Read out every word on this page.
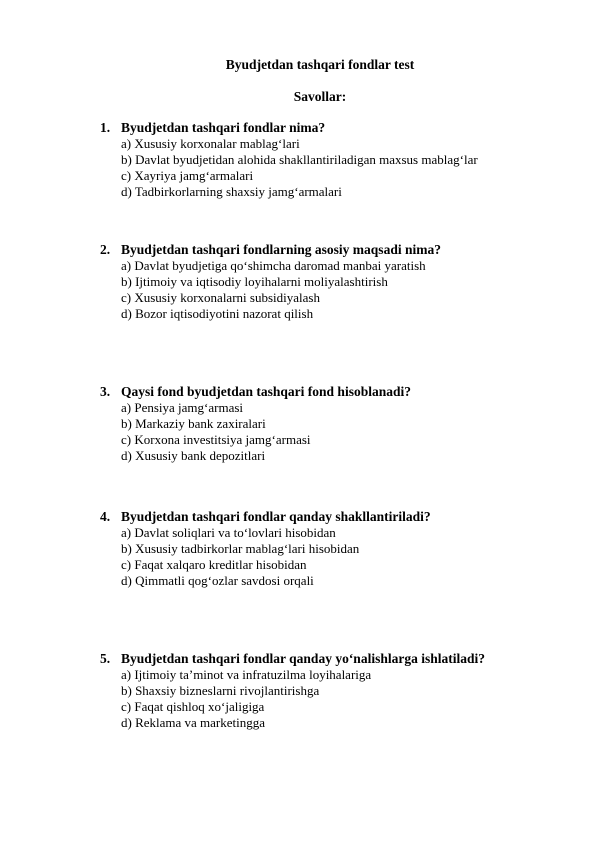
Byudjetdan tashqari fondlar test
Savollar:
1. Byudjetdan tashqari fondlar nima?
a) Xususiy korxonalar mablag‘lari
b) Davlat byudjetidan alohida shakllantiriladigan maxsus mablag‘lar
c) Xayriya jamg‘armalari
d) Tadbirkorlarning shaxsiy jamg‘armalari
2. Byudjetdan tashqari fondlarning asosiy maqsadi nima?
a) Davlat byudjetiga qo‘shimcha daromad manbai yaratish
b) Ijtimoiy va iqtisodiy loyihalarni moliyalashtirish
c) Xususiy korxonalarni subsidiyalash
d) Bozor iqtisodiyotini nazorat qilish
3. Qaysi fond byudjetdan tashqari fond hisoblanadi?
a) Pensiya jamg‘armasi
b) Markaziy bank zaxiralari
c) Korxona investitsiya jamg‘armasi
d) Xususiy bank depozitlari
4. Byudjetdan tashqari fondlar qanday shakllantiriladi?
a) Davlat soliqlari va to‘lovlari hisobidan
b) Xususiy tadbirkorlar mablag‘lari hisobidan
c) Faqat xalqaro kreditlar hisobidan
d) Qimmatli qog‘ozlar savdosi orqali
5. Byudjetdan tashqari fondlar qanday yo‘nalishlarga ishlatiladi?
a) Ijtimoiy ta’minot va infratuzilma loyihalariga
b) Shaxsiy bizneslarni rivojlantirishga
c) Faqat qishloq xo‘jaligiga
d) Reklama va marketingga
